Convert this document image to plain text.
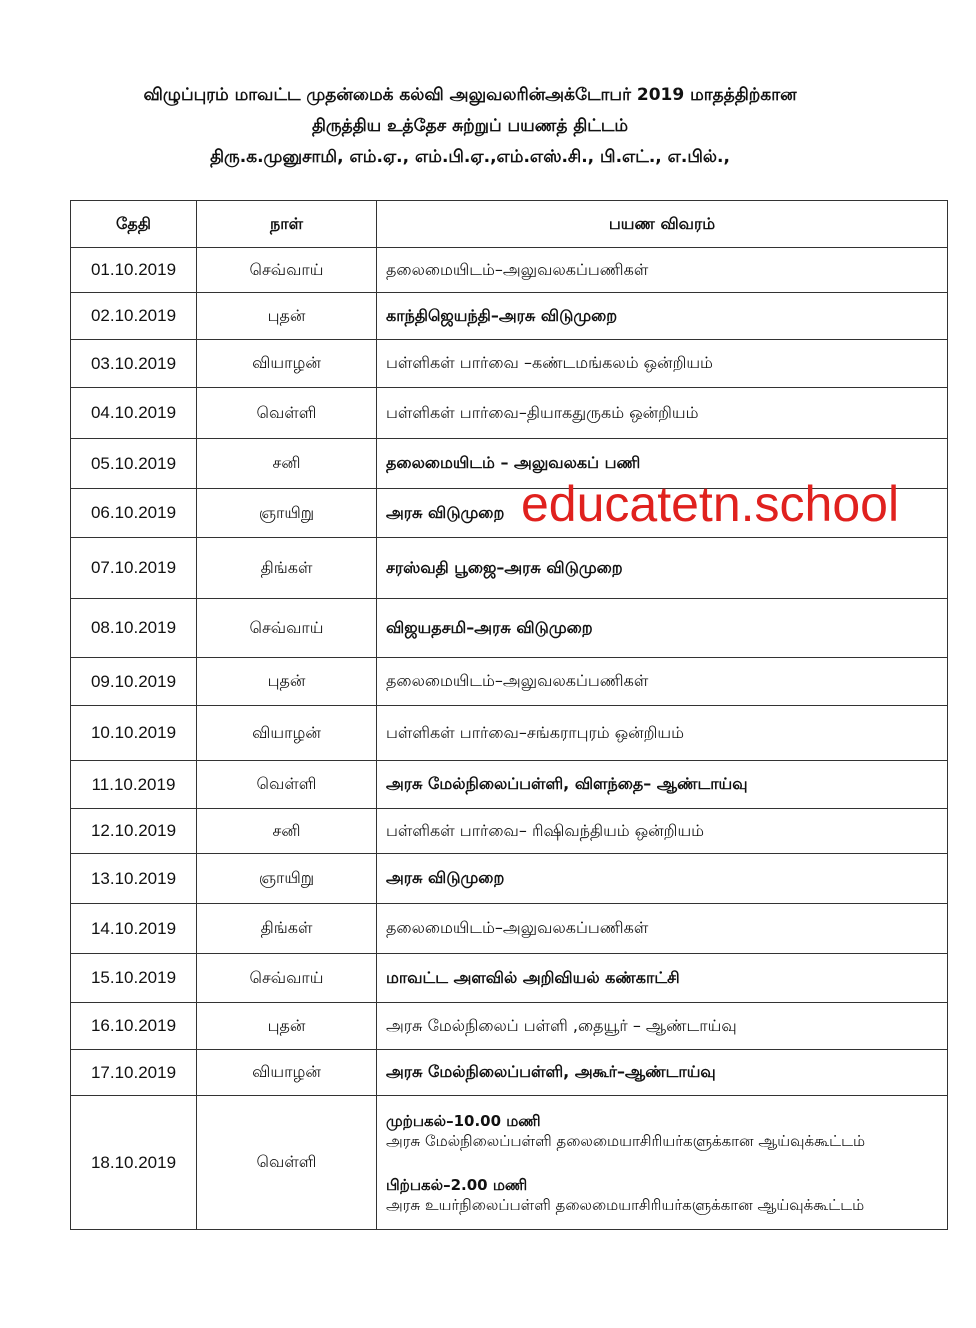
விழுப்புரம் மாவட்ட முதன்மைக் கல்வி அலுவலரின்அக்டோபர் 2019 மாதத்திற்கான
திருத்திய உத்தேச சுற்றுப் பயணத் திட்டம்
திரு.க.முனுசாமி, எம்.ஏ., எம்.பி.ஏ.,எம்.எஸ்.சி., பி.எட்., எ.பில்.,
தேதி	நாள்	பயண விவரம்
01.10.2019	செவ்வாய்	தலைமையிடம்–அலுவலகப்பணிகள்
02.10.2019	புதன்	காந்திஜெயந்தி–அரசு விடுமுறை
03.10.2019	வியாழன்	பள்ளிகள் பார்வை –கண்டமங்கலம் ஒன்றியம்
04.10.2019	வெள்ளி	பள்ளிகள் பார்வை–தியாகதுருகம் ஒன்றியம்
05.10.2019	சனி	தலைமையிடம் – அலுவலகப் பணி
06.10.2019	ஞாயிறு	அரசு விடுமுறை
07.10.2019	திங்கள்	சரஸ்வதி பூஜை–அரசு விடுமுறை
08.10.2019	செவ்வாய்	விஜயதசமி–அரசு விடுமுறை
09.10.2019	புதன்	தலைமையிடம்–அலுவலகப்பணிகள்
10.10.2019	வியாழன்	பள்ளிகள் பார்வை–சங்கராபுரம் ஒன்றியம்
11.10.2019	வெள்ளி	அரசு மேல்நிலைப்பள்ளி, விளந்தை– ஆண்டாய்வு
12.10.2019	சனி	பள்ளிகள் பார்வை– ரிஷிவந்தியம் ஒன்றியம்
13.10.2019	ஞாயிறு	அரசு விடுமுறை
14.10.2019	திங்கள்	தலைமையிடம்–அலுவலகப்பணிகள்
15.10.2019	செவ்வாய்	மாவட்ட அளவில் அறிவியல் கண்காட்சி
16.10.2019	புதன்	அரசு மேல்நிலைப் பள்ளி ,தையூர் – ஆண்டாய்வு
17.10.2019	வியாழன்	அரசு மேல்நிலைப்பள்ளி, அகூர்–ஆண்டாய்வு
18.10.2019	வெள்ளி	முற்பகல்–10.00 மணி
அரசு மேல்நிலைப்பள்ளி தலைமையாசிரியர்களுக்கான ஆய்வுக்கூட்டம்
பிற்பகல்–2.00 மணி
அரசு உயர்நிலைப்பள்ளி தலைமையாசிரியர்களுக்கான ஆய்வுக்கூட்டம்
educatetn.school
